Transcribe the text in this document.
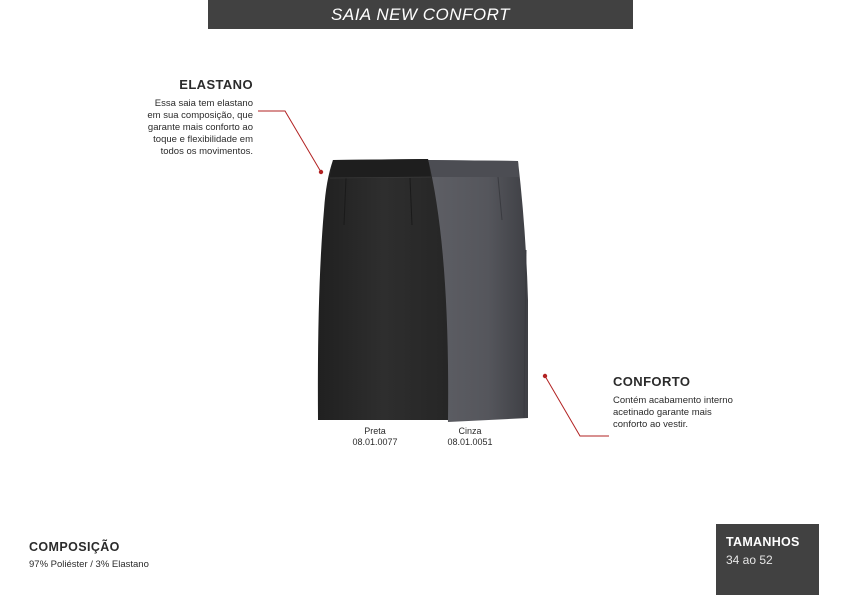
SAIA NEW CONFORT
ELASTANO
Essa saia tem elastano
em sua composição, que
garante mais conforto ao
toque e flexibilidade em
todos os movimentos.
CONFORTO
Contém acabamento interno
acetinado garante mais
conforto ao vestir.
Preta
08.01.0077
Cinza
08.01.0051
COMPOSIÇÃO
97% Poliéster / 3% Elastano
TAMANHOS
34 ao 52
